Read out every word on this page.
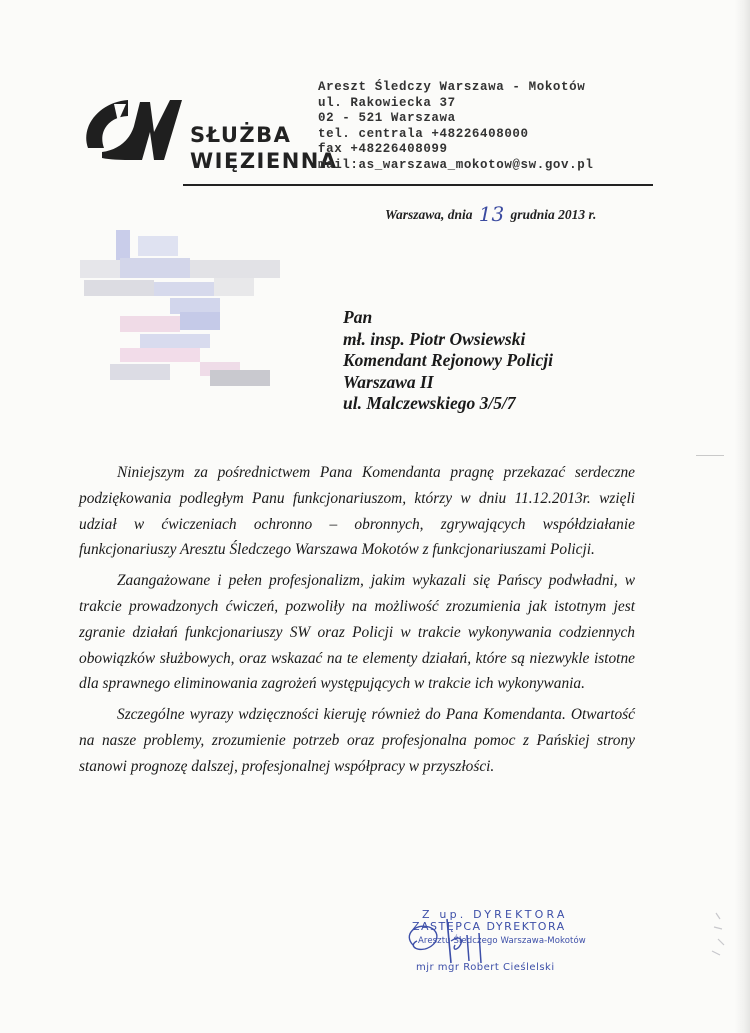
SŁUŻBA
WIĘZIENNA
Areszt Śledczy Warszawa - Mokotów
ul. Rakowiecka 37
02 - 521 Warszawa
tel. centrala +48226408000
fax +48226408099
mail:as_warszawa_mokotow@sw.gov.pl
Warszawa, dnia 13 grudnia 2013 r.
Pan
mł. insp. Piotr Owsiewski
Komendant Rejonowy Policji
Warszawa II
ul. Malczewskiego 3/5/7

Niniejszym za pośrednictwem Pana Komendanta pragnę przekazać serdeczne podziękowania podległym Panu funkcjonariuszom, którzy w dniu 11.12.2013r. wzięli udział w ćwiczeniach ochronno – obronnych, zgrywających współdziałanie funkcjonariuszy Aresztu Śledczego Warszawa Mokotów z funkcjonariuszami Policji.

Zaangażowane i pełen profesjonalizm, jakim wykazali się Pańscy podwładni, w trakcie prowadzonych ćwiczeń, pozwoliły na możliwość zrozumienia jak istotnym jest zgranie działań funkcjonariuszy SW oraz Policji w trakcie wykonywania codziennych obowiązków służbowych, oraz wskazać na te elementy działań, które są niezwykle istotne dla sprawnego eliminowania zagrożeń występujących w trakcie ich wykonywania.

Szczególne wyrazy wdzięczności kieruję również do Pana Komendanta. Otwartość na nasze problemy, zrozumienie potrzeb oraz profesjonalna pomoc z Pańskiej strony stanowi prognozę dalszej, profesjonalnej współpracy w przyszłości.

Z up. DYREKTORA
ZASTĘPCA DYREKTORA
Aresztu Śledczego Warszawa-Mokotów
mjr mgr Robert Cieślelski
